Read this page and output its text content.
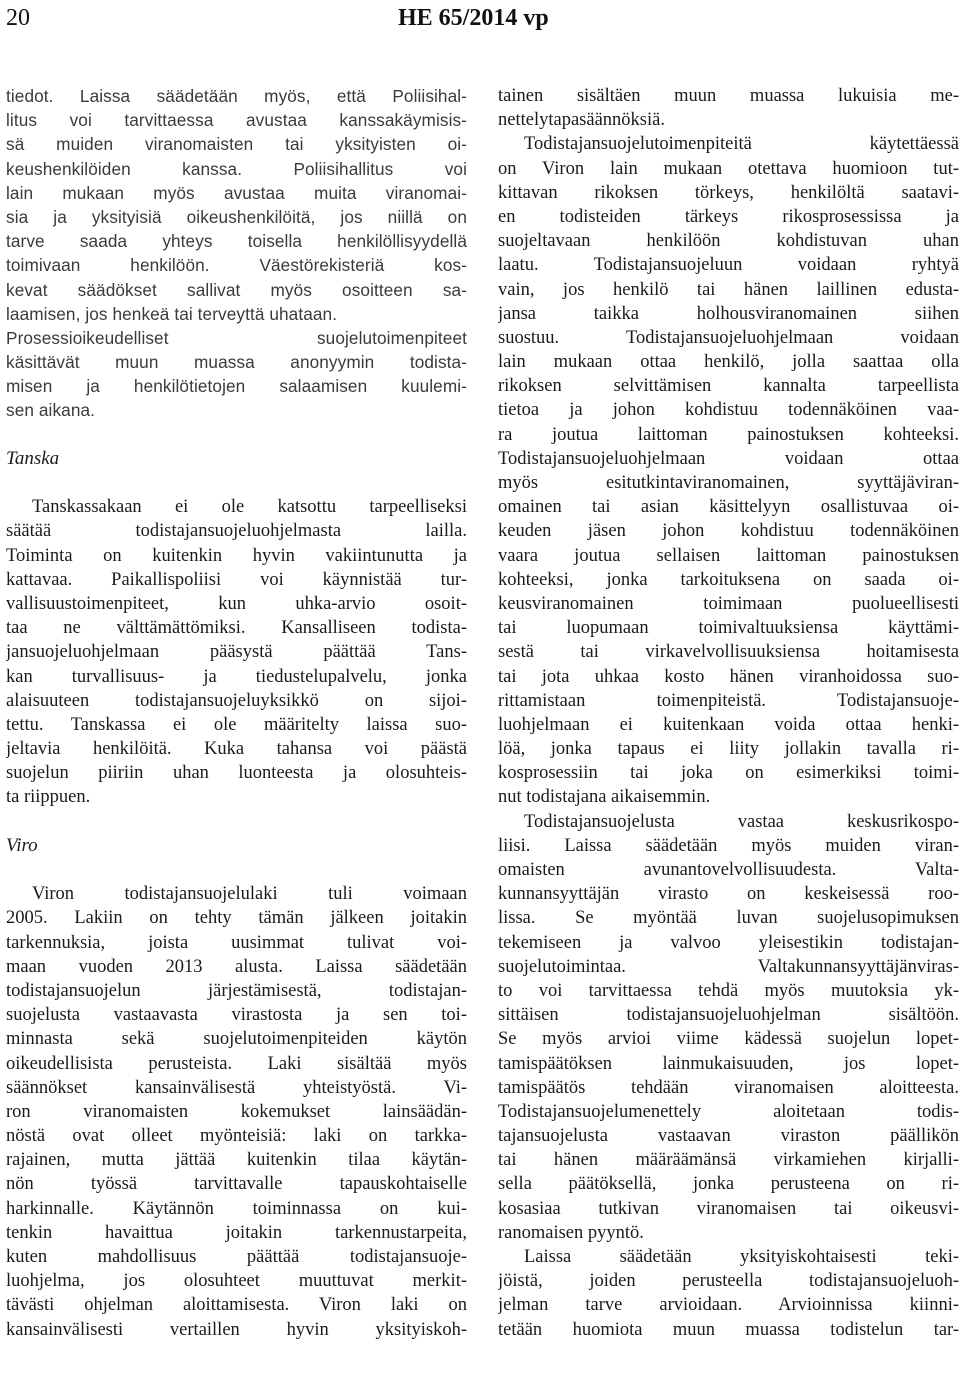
20	HE 65/2014 vp
tiedot. Laissa säädetään myös, että Poliisihal-
litus voi tarvittaessa avustaa kanssakäymisis-
sä muiden viranomaisten tai yksityisten oi-
keushenkilöiden kanssa. Poliisihallitus voi
lain mukaan myös avustaa muita viranomai-
sia ja yksityisiä oikeushenkilöitä, jos niillä on
tarve saada yhteys toisella henkilöllisyydellä
toimivaan henkilöön. Väestörekisteriä kos-
kevat säädökset sallivat myös osoitteen sa-
laamisen, jos henkeä tai terveyttä uhataan.
Prosessioikeudelliset suojelutoimenpiteet
käsittävät muun muassa anonyymin todista-
misen ja henkilötietojen salaamisen kuulemi-
sen aikana.
Tanska
Tanskassakaan ei ole katsottu tarpeelliseksi
säätää todistajansuojeluohjelmasta lailla.
Toiminta on kuitenkin hyvin vakiintunutta ja
kattavaa. Paikallispoliisi voi käynnistää tur-
vallisuustoimenpiteet, kun uhka-arvio osoit-
taa ne välttämättömiksi. Kansalliseen todista-
jansuojeluohjelmaan pääsystä päättää Tans-
kan turvallisuus- ja tiedustelupalvelu, jonka
alaisuuteen todistajansuojeluyksikkö on sijoi-
tettu. Tanskassa ei ole määritelty laissa suo-
jeltavia henkilöitä. Kuka tahansa voi päästä
suojelun piiriin uhan luonteesta ja olosuhteis-
ta riippuen.
Viro
Viron todistajansuojelulaki tuli voimaan
2005. Lakiin on tehty tämän jälkeen joitakin
tarkennuksia, joista uusimmat tulivat voi-
maan vuoden 2013 alusta. Laissa säädetään
todistajansuojelun järjestämisestä, todistajan-
suojelusta vastaavasta virastosta ja sen toi-
minnasta sekä suojelutoimenpiteiden käytön
oikeudellisista perusteista. Laki sisältää myös
säännökset kansainvälisestä yhteistyöstä. Vi-
ron viranomaisten kokemukset lainsäädän-
nöstä ovat olleet myönteisiä: laki on tarkka-
rajainen, mutta jättää kuitenkin tilaa käytän-
nön työssä tarvittavalle tapauskohtaiselle
harkinnalle. Käytännön toiminnassa on kui-
tenkin havaittua joitakin tarkennustarpeita,
kuten mahdollisuus päättää todistajansuoje-
luohjelma, jos olosuhteet muuttuvat merkit-
tävästi ohjelman aloittamisesta. Viron laki on
kansainvälisesti vertaillen hyvin yksityiskoh-
tainen sisältäen muun muassa lukuisia me-
nettelytapasäännöksiä.
Todistajansuojelutoimenpiteitä käytettäessä
on Viron lain mukaan otettava huomioon tut-
kittavan rikoksen törkeys, henkilöltä saatavi-
en todisteiden tärkeys rikosprosessissa ja
suojeltavaan henkilöön kohdistuvan uhan
laatu. Todistajansuojeluun voidaan ryhtyä
vain, jos henkilö tai hänen laillinen edusta-
jansa taikka holhousviranomainen siihen
suostuu. Todistajansuojeluohjelmaan voidaan
lain mukaan ottaa henkilö, jolla saattaa olla
rikoksen selvittämisen kannalta tarpeellista
tietoa ja johon kohdistuu todennäköinen vaa-
ra joutua laittoman painostuksen kohteeksi.
Todistajansuojeluohjelmaan voidaan ottaa
myös esitutkintaviranomainen, syyttäjäviran-
omainen tai asian käsittelyyn osallistuvaa oi-
keuden jäsen johon kohdistuu todennäköinen
vaara joutua sellaisen laittoman painostuksen
kohteeksi, jonka tarkoituksena on saada oi-
keusviranomainen toimimaan puolueellisesti
tai luopumaan toimivaltuuksiensa käyttämi-
sestä tai virkavelvollisuuksiensa hoitamisesta
tai jota uhkaa kosto hänen viranhoidossa suo-
rittamistaan toimenpiteistä. Todistajansuoje-
luohjelmaan ei kuitenkaan voida ottaa henki-
löä, jonka tapaus ei liity jollakin tavalla ri-
kosprosessiin tai joka on esimerkiksi toimi-
nut todistajana aikaisemmin.
Todistajansuojelusta vastaa keskusrikospo-
liisi. Laissa säädetään myös muiden viran-
omaisten avunantovelvollisuudesta. Valta-
kunnansyyttäjän virasto on keskeisessä roo-
lissa. Se myöntää luvan suojelusopimuksen
tekemiseen ja valvoo yleisestikin todistajan-
suojelutoimintaa. Valtakunnansyyttäjänviras-
to voi tarvittaessa tehdä myös muutoksia yk-
sittäisen todistajansuojeluohjelman sisältöön.
Se myös arvioi viime kädessä suojelun lopet-
tamispäätöksen lainmukaisuuden, jos lopet-
tamispäätös tehdään viranomaisen aloitteesta.
Todistajansuojelumenettely aloitetaan todis-
tajansuojelusta vastaavan viraston päällikön
tai hänen määräämänsä virkamiehen kirjalli-
sella päätöksellä, jonka perusteena on ri-
kosasiaa tutkivan viranomaisen tai oikeusvi-
ranomaisen pyyntö.
Laissa säädetään yksityiskohtaisesti teki-
jöistä, joiden perusteella todistajansuojeluoh-
jelman tarve arvioidaan. Arvioinnissa kiinni-
tetään huomiota muun muassa todistelun tar-
